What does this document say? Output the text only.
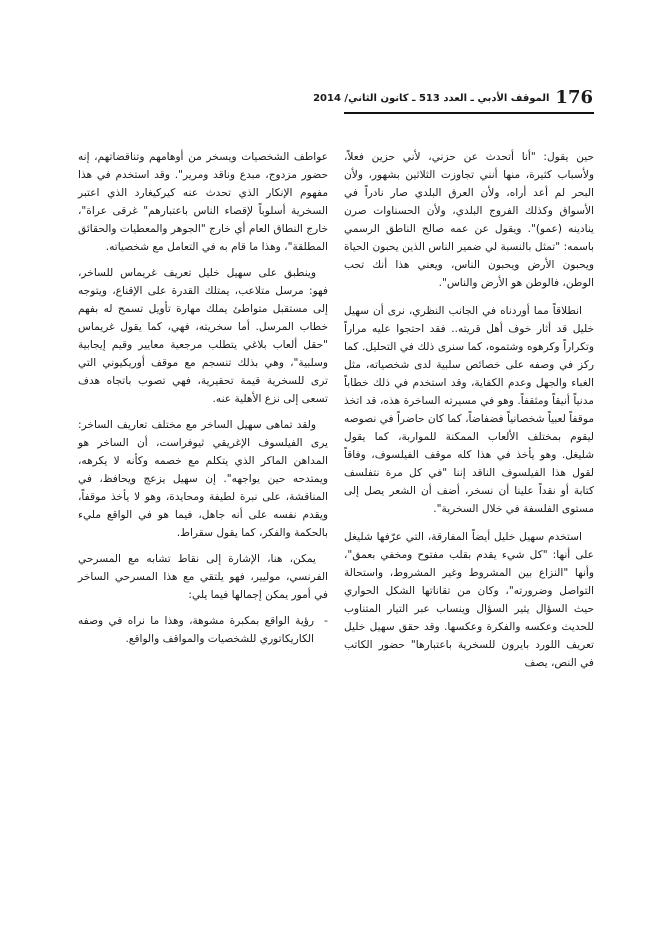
176
الموقف الأدبي ـ العدد 513 ـ كانون الثاني/ 2014

حين يقول: "أنا أتحدث عن حزني، لأني حزين فعلاً، ولأسباب كثيرة، منها أنني تجاوزت الثلاثين بشهور، ولأن البحر لم أعد أراه، ولأن العرق البلدي صار نادراً في الأسواق وكذلك الفروج البلدي، ولأن الحسناوات صرن ينادينه (عمو)". ويقول عن عمه صالح الناطق الرسمي باسمه: "تمثل بالنسبة لي ضمير الناس الذين يحبون الحياة ويحبون الأرض ويحبون الناس، ويعني هذا أنك تحب الوطن، فالوطن هو الأرض والناس".

انطلاقاً مما أوردناه في الجانب النظري، نرى أن سهيل خليل قد أثار خوف أهل قريته.. فقد احتجوا عليه مراراً وتكراراً وكرهوه وشتموه، كما سنرى ذلك في التحليل. كما ركز في وصفه على خصائص سلبية لدى شخصياته، مثل الغباء والجهل وعدم الكفاية، وقد استخدم في ذلك خطاباً مدنياً أنيقاً ومثقفاً. وهو في مسيرته الساخرة هذه، قد اتخذ موقفاً لعبياً شخصانياً فضفاضاً، كما كان حاضراً في نصوصه ليقوم بمختلف الألعاب الممكنة للمواربة، كما يقول شليغل. وهو يأخذ في هذا كله موقف الفيلسوف، وفاقاً لقول هذا الفيلسوف الناقد إننا "في كل مرة نتفلسف كتابة أو نقداً علينا أن نسخر، أضف أن الشعر يصل إلى مستوى الفلسفة في خلال السخرية".

استخدم سهيل خليل أيضاً المفارقة، التي عرّفها شليغل على أنها: "كل شيء يقدم بقلب مفتوح ومخفي بعمق"، وأنها "النزاع بين المشروط وغير المشروط، واستحالة التواصل وضرورته"، وكان من تقاناتها الشكل الحواري حيث السؤال يثير السؤال وينساب عبر التيار المتناوب للحديث وعكسه والفكرة وعكسها. وقد حقق سهيل خليل تعريف اللورد بايرون للسخرية باعتبارها" حضور الكاتب في النص، يصف

عواطف الشخصيات ويسخر من أوهامهم وتناقضاتهم، إنه حضور مزدوج، مبدع وناقد ومرير". وقد استخدم في هذا مفهوم الإنكار الذي تحدث عنه كيركيغارد الذي اعتبر السخرية أسلوباً لإقصاء الناس باعتبارهم" غرقى عراة"، خارج النطاق العام أي خارج "الجوهر والمعطيات والحقائق المطلقة"، وهذا ما قام به في التعامل مع شخصياته.

وينطبق على سهيل خليل تعريف غريماس للساخر، فهو: مرسل متلاعب، يمتلك القدرة على الإقناع، ويتوجه إلى مستقبل متواطئ يملك مهارة تأويل تسمح له بفهم خطاب المرسل. أما سخريته، فهي، كما يقول غريماس "حقل ألعاب بلاغي يتطلب مرجعية معايير وقيم إيجابية وسلبية"، وهي بذلك تنسجم مع موقف أوريكيوني التي ترى للسخرية قيمة تحقيرية، فهي تصوب باتجاه هدف تسعى إلى نزع الأهلية عنه.

ولقد تماهى سهيل الساخر مع مختلف تعاريف الساخر: يرى الفيلسوف الإغريقي ثيوفراست، أن الساخر هو المداهن الماكر الذي يتكلم مع خصمه وكأنه لا يكرهه، ويمتدحه حين يواجهه". إن سهيل يزعج ويحافظ، في المناقشة، على نبرة لطيفة ومحايدة، وهو لا يأخذ موقفاً، ويقدم نفسه على أنه جاهل، فيما هو في الواقع مليء بالحكمة والفكر، كما يقول سقراط.

يمكن، هنا، الإشارة إلى نقاط تشابه مع المسرحي الفرنسي، موليير، فهو يلتقي مع هذا المسرحي الساخر في أمور يمكن إجمالها فيما يلي:

- رؤية الواقع بمكبرة مشوهة، وهذا ما نراه في وصفه الكاريكاتوري للشخصيات والمواقف والواقع.
